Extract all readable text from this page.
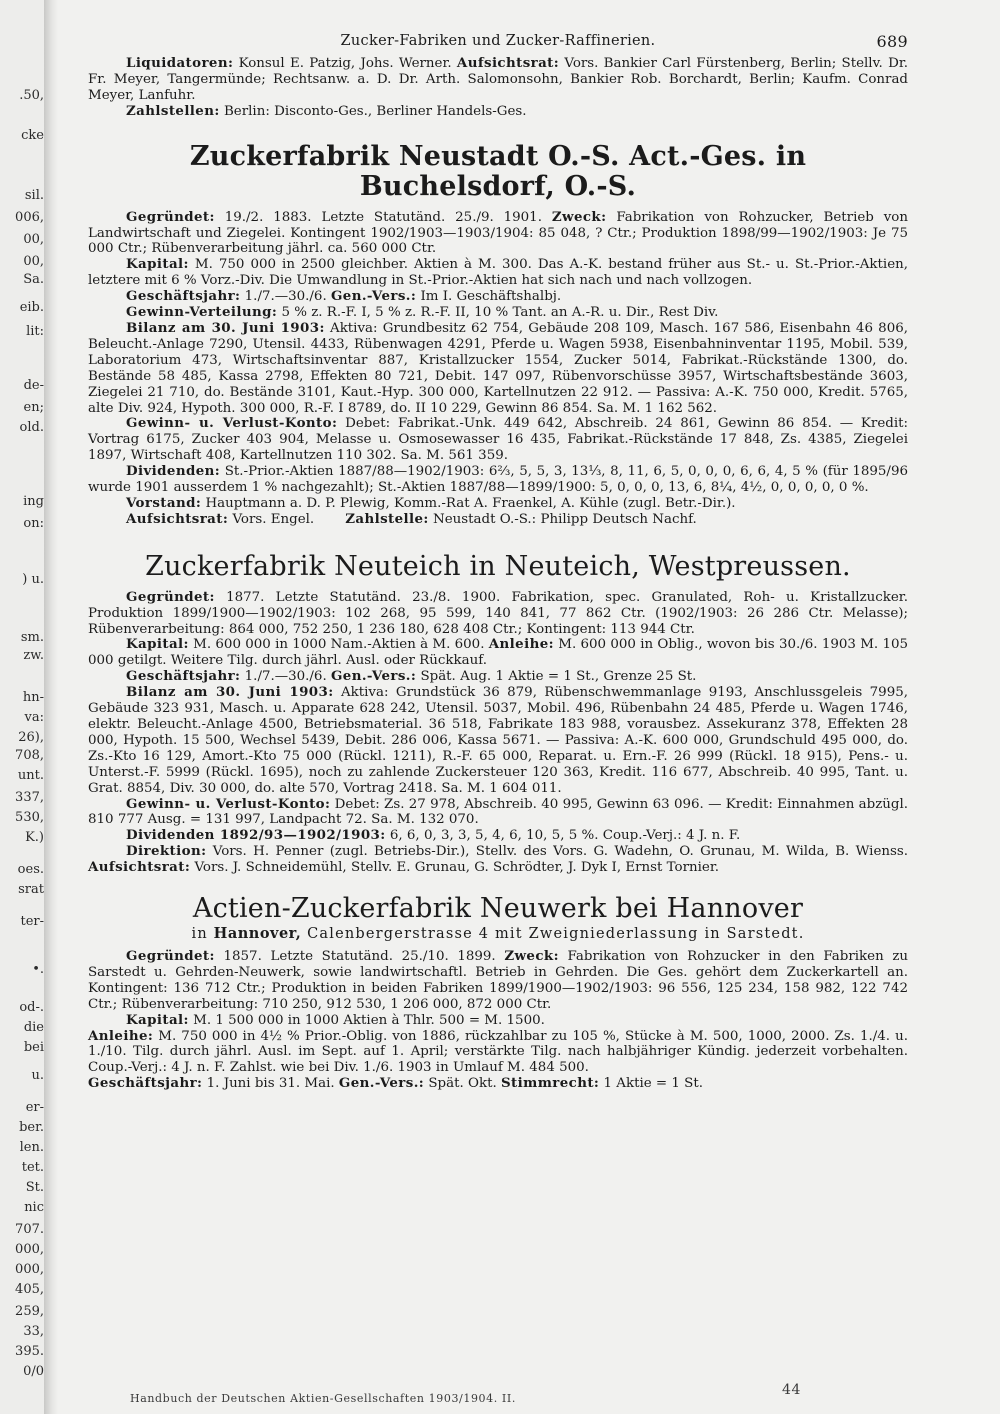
.50,
cke
sil.
006,
00,
00,
Sa.
eib.
lit:
de-
en;
old.
ing
on:
) u.
sm.
zw.
hn-
va:
26),
708,
unt.
337,
530,
K.)
oes.
srat
ter-
•.
od-.
die
bei
u.
er-
ber.
len.
tet.
St.
nic
707.
000,
000,
405,
259,
33,
395.
0/0
Zucker-Fabriken und Zucker-Raffinerien.	689

Liquidatoren: Konsul E. Patzig, Johs. Werner. Aufsichtsrat: Vors. Bankier Carl Fürstenberg, Berlin; Stellv. Dr. Fr. Meyer, Tangermünde; Rechtsanw. a. D. Dr. Arth. Salomonsohn, Bankier Rob. Borchardt, Berlin; Kaufm. Conrad Meyer, Lanfuhr.

Zahlstellen: Berlin: Disconto-Ges., Berliner Handels-Ges.

Zuckerfabrik Neustadt O.-S. Act.-Ges. in Buchelsdorf, O.-S.

Gegründet: 19./2. 1883. Letzte Statutänd. 25./9. 1901. Zweck: Fabrikation von Rohzucker, Betrieb von Landwirtschaft und Ziegelei. Kontingent 1902/1903—1903/1904: 85 048, ? Ctr.; Produktion 1898/99—1902/1903: Je 75 000 Ctr.; Rübenverarbeitung jährl. ca. 560 000 Ctr.

Kapital: M. 750 000 in 2500 gleichber. Aktien à M. 300. Das A.-K. bestand früher aus St.- u. St.-Prior.-Aktien, letztere mit 6 % Vorz.-Div. Die Umwandlung in St.-Prior.-Aktien hat sich nach und nach vollzogen.

Geschäftsjahr: 1./7.—30./6. Gen.-Vers.: Im I. Geschäftshalbj.

Gewinn-Verteilung: 5 % z. R.-F. I, 5 % z. R.-F. II, 10 % Tant. an A.-R. u. Dir., Rest Div.

Bilanz am 30. Juni 1903: Aktiva: Grundbesitz 62 754, Gebäude 208 109, Masch. 167 586, Eisenbahn 46 806, Beleucht.-Anlage 7290, Utensil. 4433, Rübenwagen 4291, Pferde u. Wagen 5938, Eisenbahninventar 1195, Mobil. 539, Laboratorium 473, Wirtschaftsinventar 887, Kristallzucker 1554, Zucker 5014, Fabrikat.-Rückstände 1300, do. Bestände 58 485, Kassa 2798, Effekten 80 721, Debit. 147 097, Rübenvorschüsse 3957, Wirtschaftsbestände 3603, Ziegelei 21 710, do. Bestände 3101, Kaut.-Hyp. 300 000, Kartellnutzen 22 912. — Passiva: A.-K. 750 000, Kredit. 5765, alte Div. 924, Hypoth. 300 000, R.-F. I 8789, do. II 10 229, Gewinn 86 854. Sa. M. 1 162 562.

Gewinn- u. Verlust-Konto: Debet: Fabrikat.-Unk. 449 642, Abschreib. 24 861, Gewinn 86 854. — Kredit: Vortrag 6175, Zucker 403 904, Melasse u. Osmosewasser 16 435, Fabrikat.-Rückstände 17 848, Zs. 4385, Ziegelei 1897, Wirtschaft 408, Kartellnutzen 110 302. Sa. M. 561 359.

Dividenden: St.-Prior.-Aktien 1887/88—1902/1903: 6⅔, 5, 5, 3, 13⅓, 8, 11, 6, 5, 0, 0, 0, 6, 6, 4, 5 % (für 1895/96 wurde 1901 ausserdem 1 % nachgezahlt); St.-Aktien 1887/88—1899/1900: 5, 0, 0, 0, 13, 6, 8¼, 4½, 0, 0, 0, 0, 0 %.

Vorstand: Hauptmann a. D. P. Plewig, Komm.-Rat A. Fraenkel, A. Kühle (zugl. Betr.-Dir.).

Aufsichtsrat: Vors. Engel.   Zahlstelle: Neustadt O.-S.: Philipp Deutsch Nachf.

Zuckerfabrik Neuteich in Neuteich, Westpreussen.

Gegründet: 1877. Letzte Statutänd. 23./8. 1900. Fabrikation, spec. Granulated, Roh- u. Kristallzucker. Produktion 1899/1900—1902/1903: 102 268, 95 599, 140 841, 77 862 Ctr. (1902/1903: 26 286 Ctr. Melasse); Rübenverarbeitung: 864 000, 752 250, 1 236 180, 628 408 Ctr.; Kontingent: 113 944 Ctr.

Kapital: M. 600 000 in 1000 Nam.-Aktien à M. 600. Anleihe: M. 600 000 in Oblig., wovon bis 30./6. 1903 M. 105 000 getilgt. Weitere Tilg. durch jährl. Ausl. oder Rückkauf.

Geschäftsjahr: 1./7.—30./6. Gen.-Vers.: Spät. Aug. 1 Aktie = 1 St., Grenze 25 St.

Bilanz am 30. Juni 1903: Aktiva: Grundstück 36 879, Rübenschwemmanlage 9193, Anschlussgeleis 7995, Gebäude 323 931, Masch. u. Apparate 628 242, Utensil. 5037, Mobil. 496, Rübenbahn 24 485, Pferde u. Wagen 1746, elektr. Beleucht.-Anlage 4500, Betriebsmaterial. 36 518, Fabrikate 183 988, vorausbez. Assekuranz 378, Effekten 28 000, Hypoth. 15 500, Wechsel 5439, Debit. 286 006, Kassa 5671. — Passiva: A.-K. 600 000, Grundschuld 495 000, do. Zs.-Kto 16 129, Amort.-Kto 75 000 (Rückl. 1211), R.-F. 65 000, Reparat. u. Ern.-F. 26 999 (Rückl. 18 915), Pens.- u. Unterst.-F. 5999 (Rückl. 1695), noch zu zahlende Zuckersteuer 120 363, Kredit. 116 677, Abschreib. 40 995, Tant. u. Grat. 8854, Div. 30 000, do. alte 570, Vortrag 2418. Sa. M. 1 604 011.

Gewinn- u. Verlust-Konto: Debet: Zs. 27 978, Abschreib. 40 995, Gewinn 63 096. — Kredit: Einnahmen abzügl. 810 777 Ausg. = 131 997, Landpacht 72. Sa. M. 132 070.

Dividenden 1892/93—1902/1903: 6, 6, 0, 3, 3, 5, 4, 6, 10, 5, 5 %. Coup.-Verj.: 4 J. n. F.

Direktion: Vors. H. Penner (zugl. Betriebs-Dir.), Stellv. des Vors. G. Wadehn, O. Grunau, M. Wilda, B. Wienss. Aufsichtsrat: Vors. J. Schneidemühl, Stellv. E. Grunau, G. Schrödter, J. Dyk I, Ernst Tornier.

Actien-Zuckerfabrik Neuwerk bei Hannover
in Hannover, Calenbergerstrasse 4 mit Zweigniederlassung in Sarstedt.

Gegründet: 1857. Letzte Statutänd. 25./10. 1899. Zweck: Fabrikation von Rohzucker in den Fabriken zu Sarstedt u. Gehrden-Neuwerk, sowie landwirtschaftl. Betrieb in Gehrden. Die Ges. gehört dem Zuckerkartell an. Kontingent: 136 712 Ctr.; Produktion in beiden Fabriken 1899/1900—1902/1903: 96 556, 125 234, 158 982, 122 742 Ctr.; Rübenverarbeitung: 710 250, 912 530, 1 206 000, 872 000 Ctr.

Kapital: M. 1 500 000 in 1000 Aktien à Thlr. 500 = M. 1500.

Anleihe: M. 750 000 in 4½ % Prior.-Oblig. von 1886, rückzahlbar zu 105 %, Stücke à M. 500, 1000, 2000. Zs. 1./4. u. 1./10. Tilg. durch jährl. Ausl. im Sept. auf 1. April; verstärkte Tilg. nach halbjähriger Kündig. jederzeit vorbehalten. Coup.-Verj.: 4 J. n. F. Zahlst. wie bei Div. 1./6. 1903 in Umlauf M. 484 500.

Geschäftsjahr: 1. Juni bis 31. Mai. Gen.-Vers.: Spät. Okt. Stimmrecht: 1 Aktie = 1 St.

Handbuch der Deutschen Aktien-Gesellschaften 1903/1904. II.
44
